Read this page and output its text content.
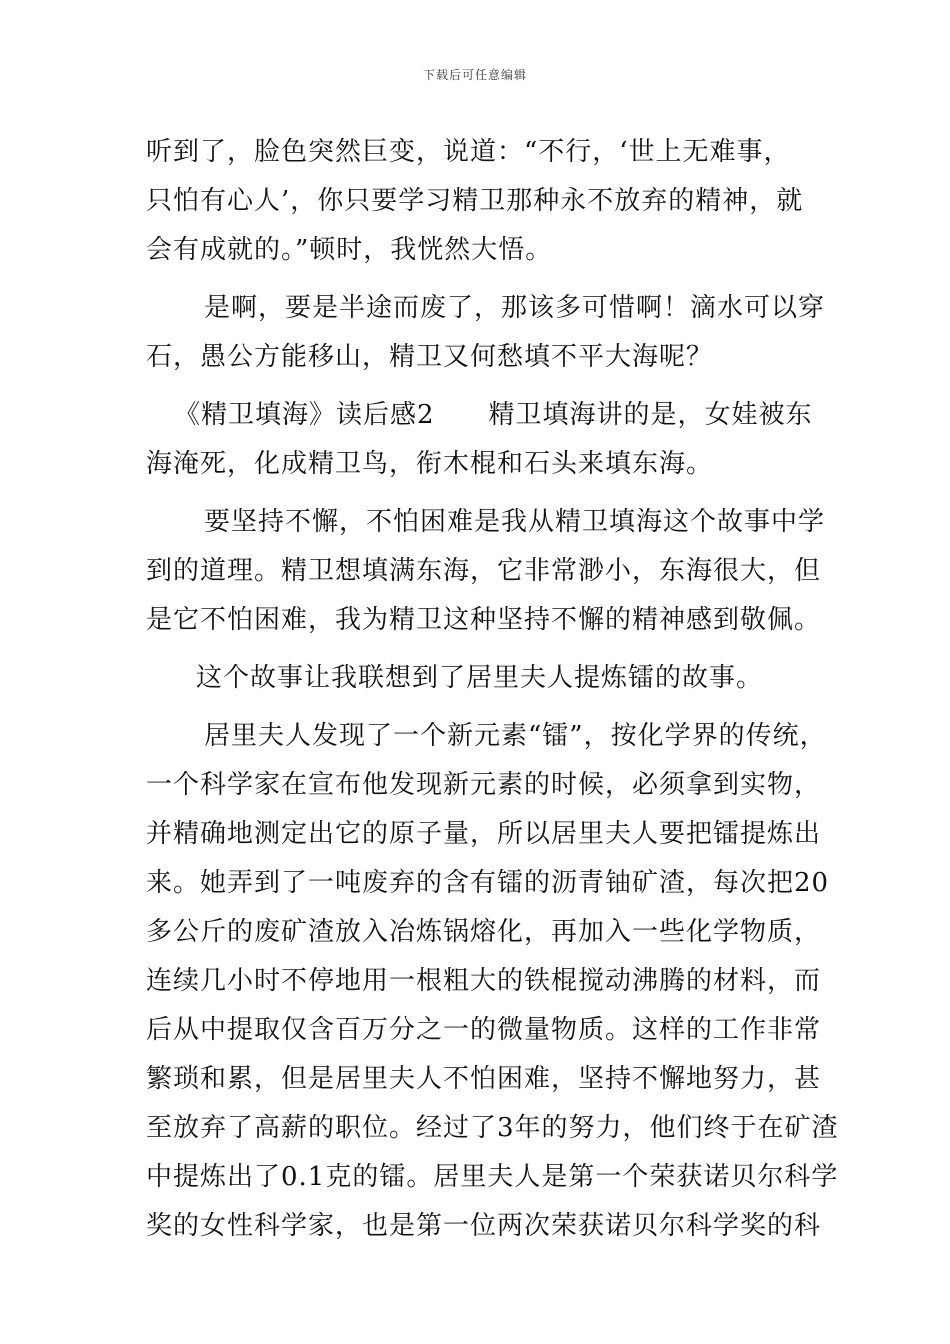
下载后可任意编辑
听到了，脸色突然巨变，说道：“不行，‘世上无难事，
只怕有心人’，你只要学习精卫那种永不放弃的精神，就
会有成就的。”顿时，我恍然大悟。
是啊，要是半途而废了，那该多可惜啊！滴水可以穿
石，愚公方能移山，精卫又何愁填不平大海呢？
《精卫填海》读后感2　　精卫填海讲的是，女娃被东
海淹死，化成精卫鸟，衔木棍和石头来填东海。
要坚持不懈，不怕困难是我从精卫填海这个故事中学
到的道理。精卫想填满东海，它非常渺小，东海很大，但
是它不怕困难，我为精卫这种坚持不懈的精神感到敬佩。
这个故事让我联想到了居里夫人提炼镭的故事。
居里夫人发现了一个新元素“镭”，按化学界的传统，
一个科学家在宣布他发现新元素的时候，必须拿到实物，
并精确地测定出它的原子量，所以居里夫人要把镭提炼出
来。她弄到了一吨废弃的含有镭的沥青铀矿渣，每次把20
多公斤的废矿渣放入冶炼锅熔化，再加入一些化学物质，
连续几小时不停地用一根粗大的铁棍搅动沸腾的材料，而
后从中提取仅含百万分之一的微量物质。这样的工作非常
繁琐和累，但是居里夫人不怕困难，坚持不懈地努力，甚
至放弃了高薪的职位。经过了3年的努力，他们终于在矿渣
中提炼出了0.1克的镭。居里夫人是第一个荣获诺贝尔科学
奖的女性科学家，也是第一位两次荣获诺贝尔科学奖的科
